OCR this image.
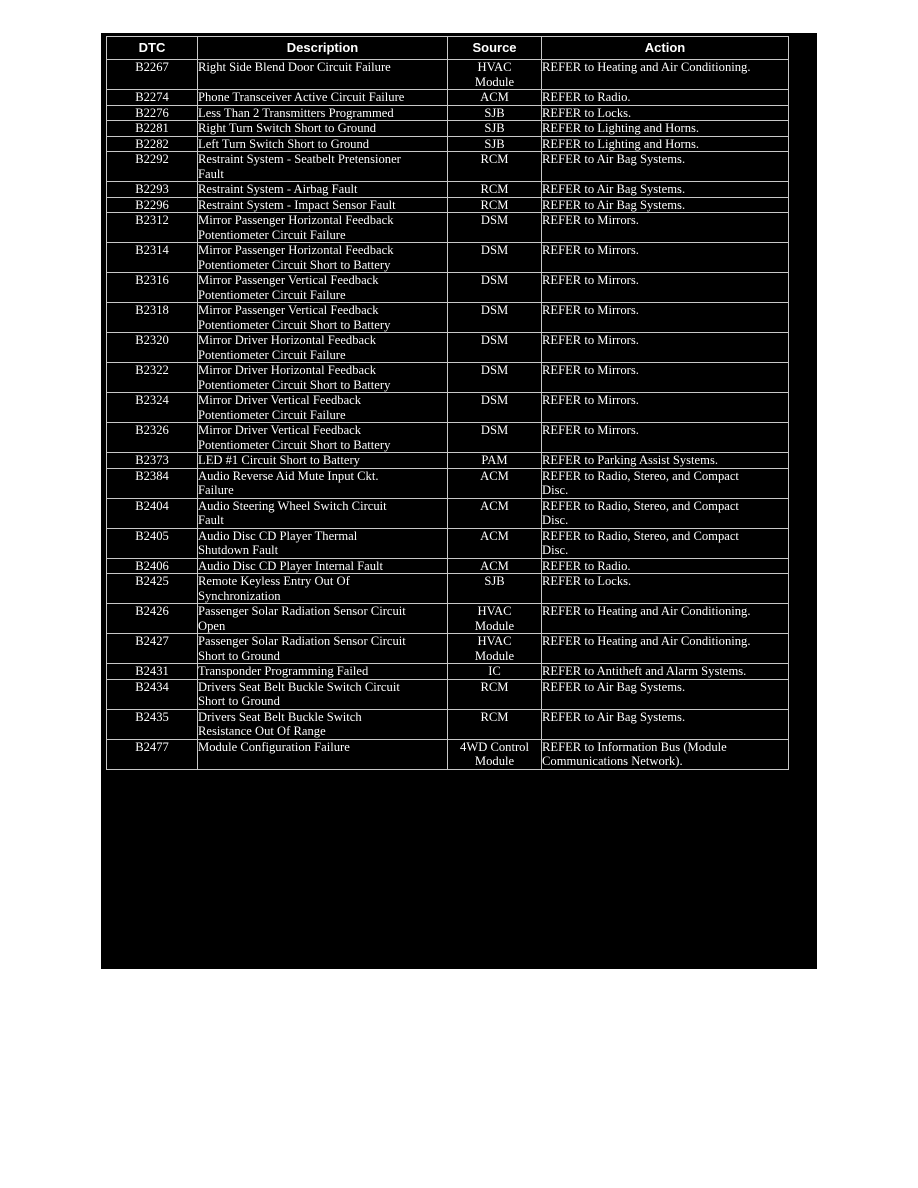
DTC	Description	Source	Action
B2267	Right Side Blend Door Circuit Failure	HVAC
Module	REFER to Heating and Air Conditioning.
B2274	Phone Transceiver Active Circuit Failure	ACM	REFER to Radio.
B2276	Less Than 2 Transmitters Programmed	SJB	REFER to Locks.
B2281	Right Turn Switch Short to Ground	SJB	REFER to Lighting and Horns.
B2282	Left Turn Switch Short to Ground	SJB	REFER to Lighting and Horns.
B2292	Restraint System - Seatbelt Pretensioner
Fault	RCM	REFER to Air Bag Systems.
B2293	Restraint System - Airbag Fault	RCM	REFER to Air Bag Systems.
B2296	Restraint System - Impact Sensor Fault	RCM	REFER to Air Bag Systems.
B2312	Mirror Passenger Horizontal Feedback
Potentiometer Circuit Failure	DSM	REFER to Mirrors.
B2314	Mirror Passenger Horizontal Feedback
Potentiometer Circuit Short to Battery	DSM	REFER to Mirrors.
B2316	Mirror Passenger Vertical Feedback
Potentiometer Circuit Failure	DSM	REFER to Mirrors.
B2318	Mirror Passenger Vertical Feedback
Potentiometer Circuit Short to Battery	DSM	REFER to Mirrors.
B2320	Mirror Driver Horizontal Feedback
Potentiometer Circuit Failure	DSM	REFER to Mirrors.
B2322	Mirror Driver Horizontal Feedback
Potentiometer Circuit Short to Battery	DSM	REFER to Mirrors.
B2324	Mirror Driver Vertical Feedback
Potentiometer Circuit Failure	DSM	REFER to Mirrors.
B2326	Mirror Driver Vertical Feedback
Potentiometer Circuit Short to Battery	DSM	REFER to Mirrors.
B2373	LED #1 Circuit Short to Battery	PAM	REFER to Parking Assist Systems.
B2384	Audio Reverse Aid Mute Input Ckt.
Failure	ACM	REFER to Radio, Stereo, and Compact
Disc.
B2404	Audio Steering Wheel Switch Circuit
Fault	ACM	REFER to Radio, Stereo, and Compact
Disc.
B2405	Audio Disc CD Player Thermal
Shutdown Fault	ACM	REFER to Radio, Stereo, and Compact
Disc.
B2406	Audio Disc CD Player Internal Fault	ACM	REFER to Radio.
B2425	Remote Keyless Entry Out Of
Synchronization	SJB	REFER to Locks.
B2426	Passenger Solar Radiation Sensor Circuit
Open	HVAC
Module	REFER to Heating and Air Conditioning.
B2427	Passenger Solar Radiation Sensor Circuit
Short to Ground	HVAC
Module	REFER to Heating and Air Conditioning.
B2431	Transponder Programming Failed	IC	REFER to Antitheft and Alarm Systems.
B2434	Drivers Seat Belt Buckle Switch Circuit
Short to Ground	RCM	REFER to Air Bag Systems.
B2435	Drivers Seat Belt Buckle Switch
Resistance Out Of Range	RCM	REFER to Air Bag Systems.
B2477	Module Configuration Failure	4WD Control
Module	REFER to Information Bus (Module
Communications Network).
